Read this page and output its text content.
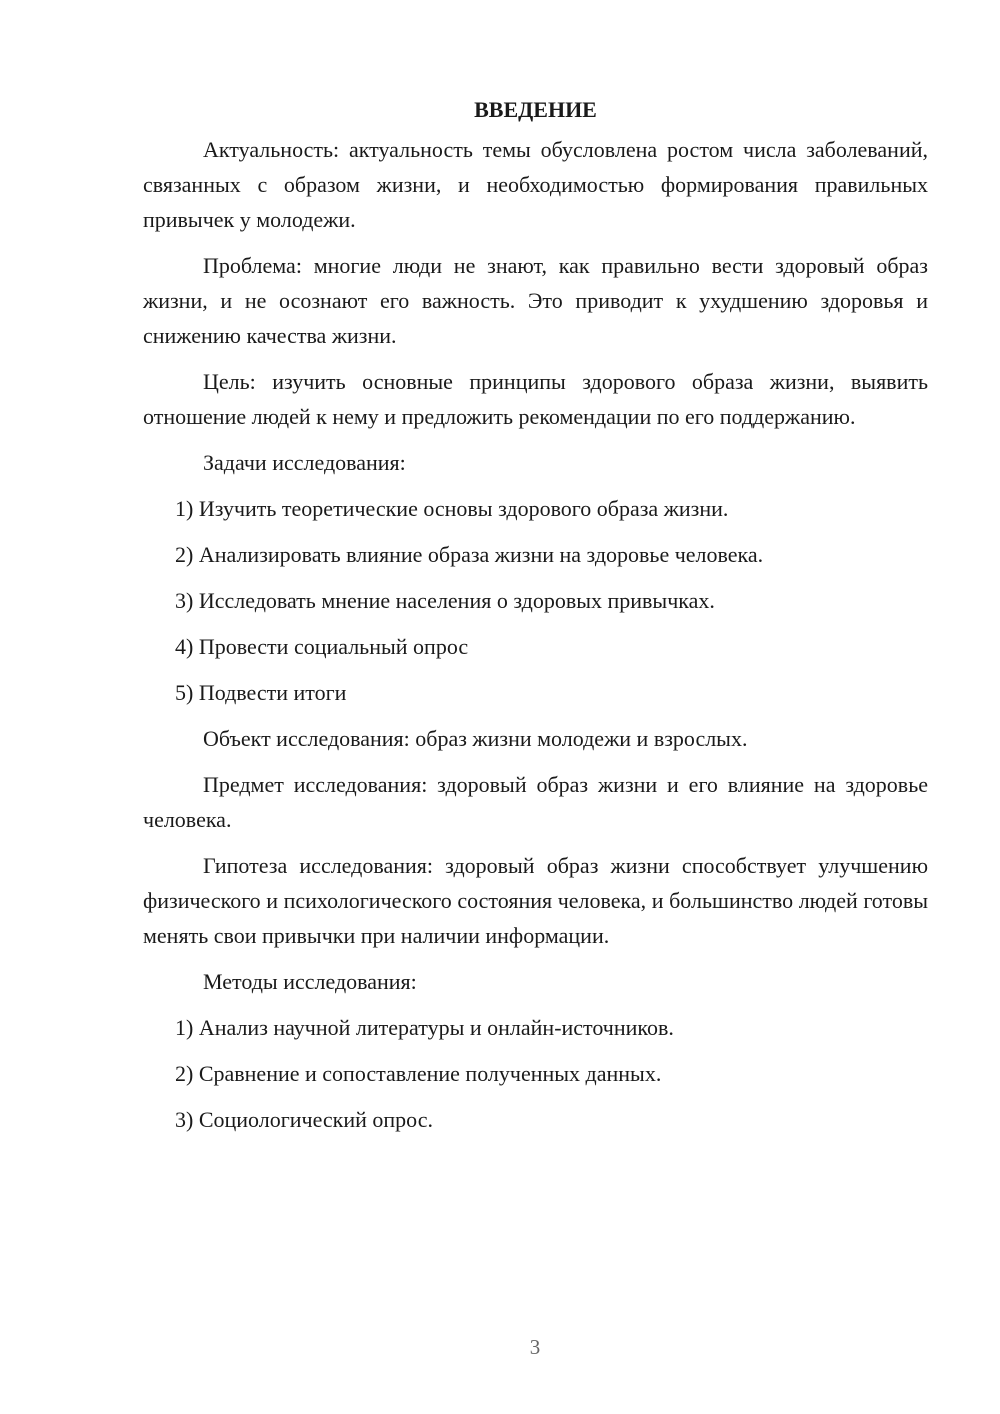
ВВЕДЕНИЕ

Актуальность: актуальность темы обусловлена ростом числа заболеваний, связанных с образом жизни, и необходимостью формирования правильных привычек у молодежи.

Проблема: многие люди не знают, как правильно вести здоровый образ жизни, и не осознают его важность. Это приводит к ухудшению здоровья и снижению качества жизни.

Цель: изучить основные принципы здорового образа жизни, выявить отношение людей к нему и предложить рекомендации по его поддержанию.

Задачи исследования:

1) Изучить теоретические основы здорового образа жизни.
2) Анализировать влияние образа жизни на здоровье человека.
3) Исследовать мнение населения о здоровых привычках.
4) Провести социальный опрос
5) Подвести итоги

Объект исследования: образ жизни молодежи и взрослых.

Предмет исследования: здоровый образ жизни и его влияние на здоровье человека.

Гипотеза исследования: здоровый образ жизни способствует улучшению физического и психологического состояния человека, и большинство людей готовы менять свои привычки при наличии информации.

Методы исследования:

1) Анализ научной литературы и онлайн-источников.
2) Сравнение и сопоставление полученных данных.
3) Социологический опрос.
3
